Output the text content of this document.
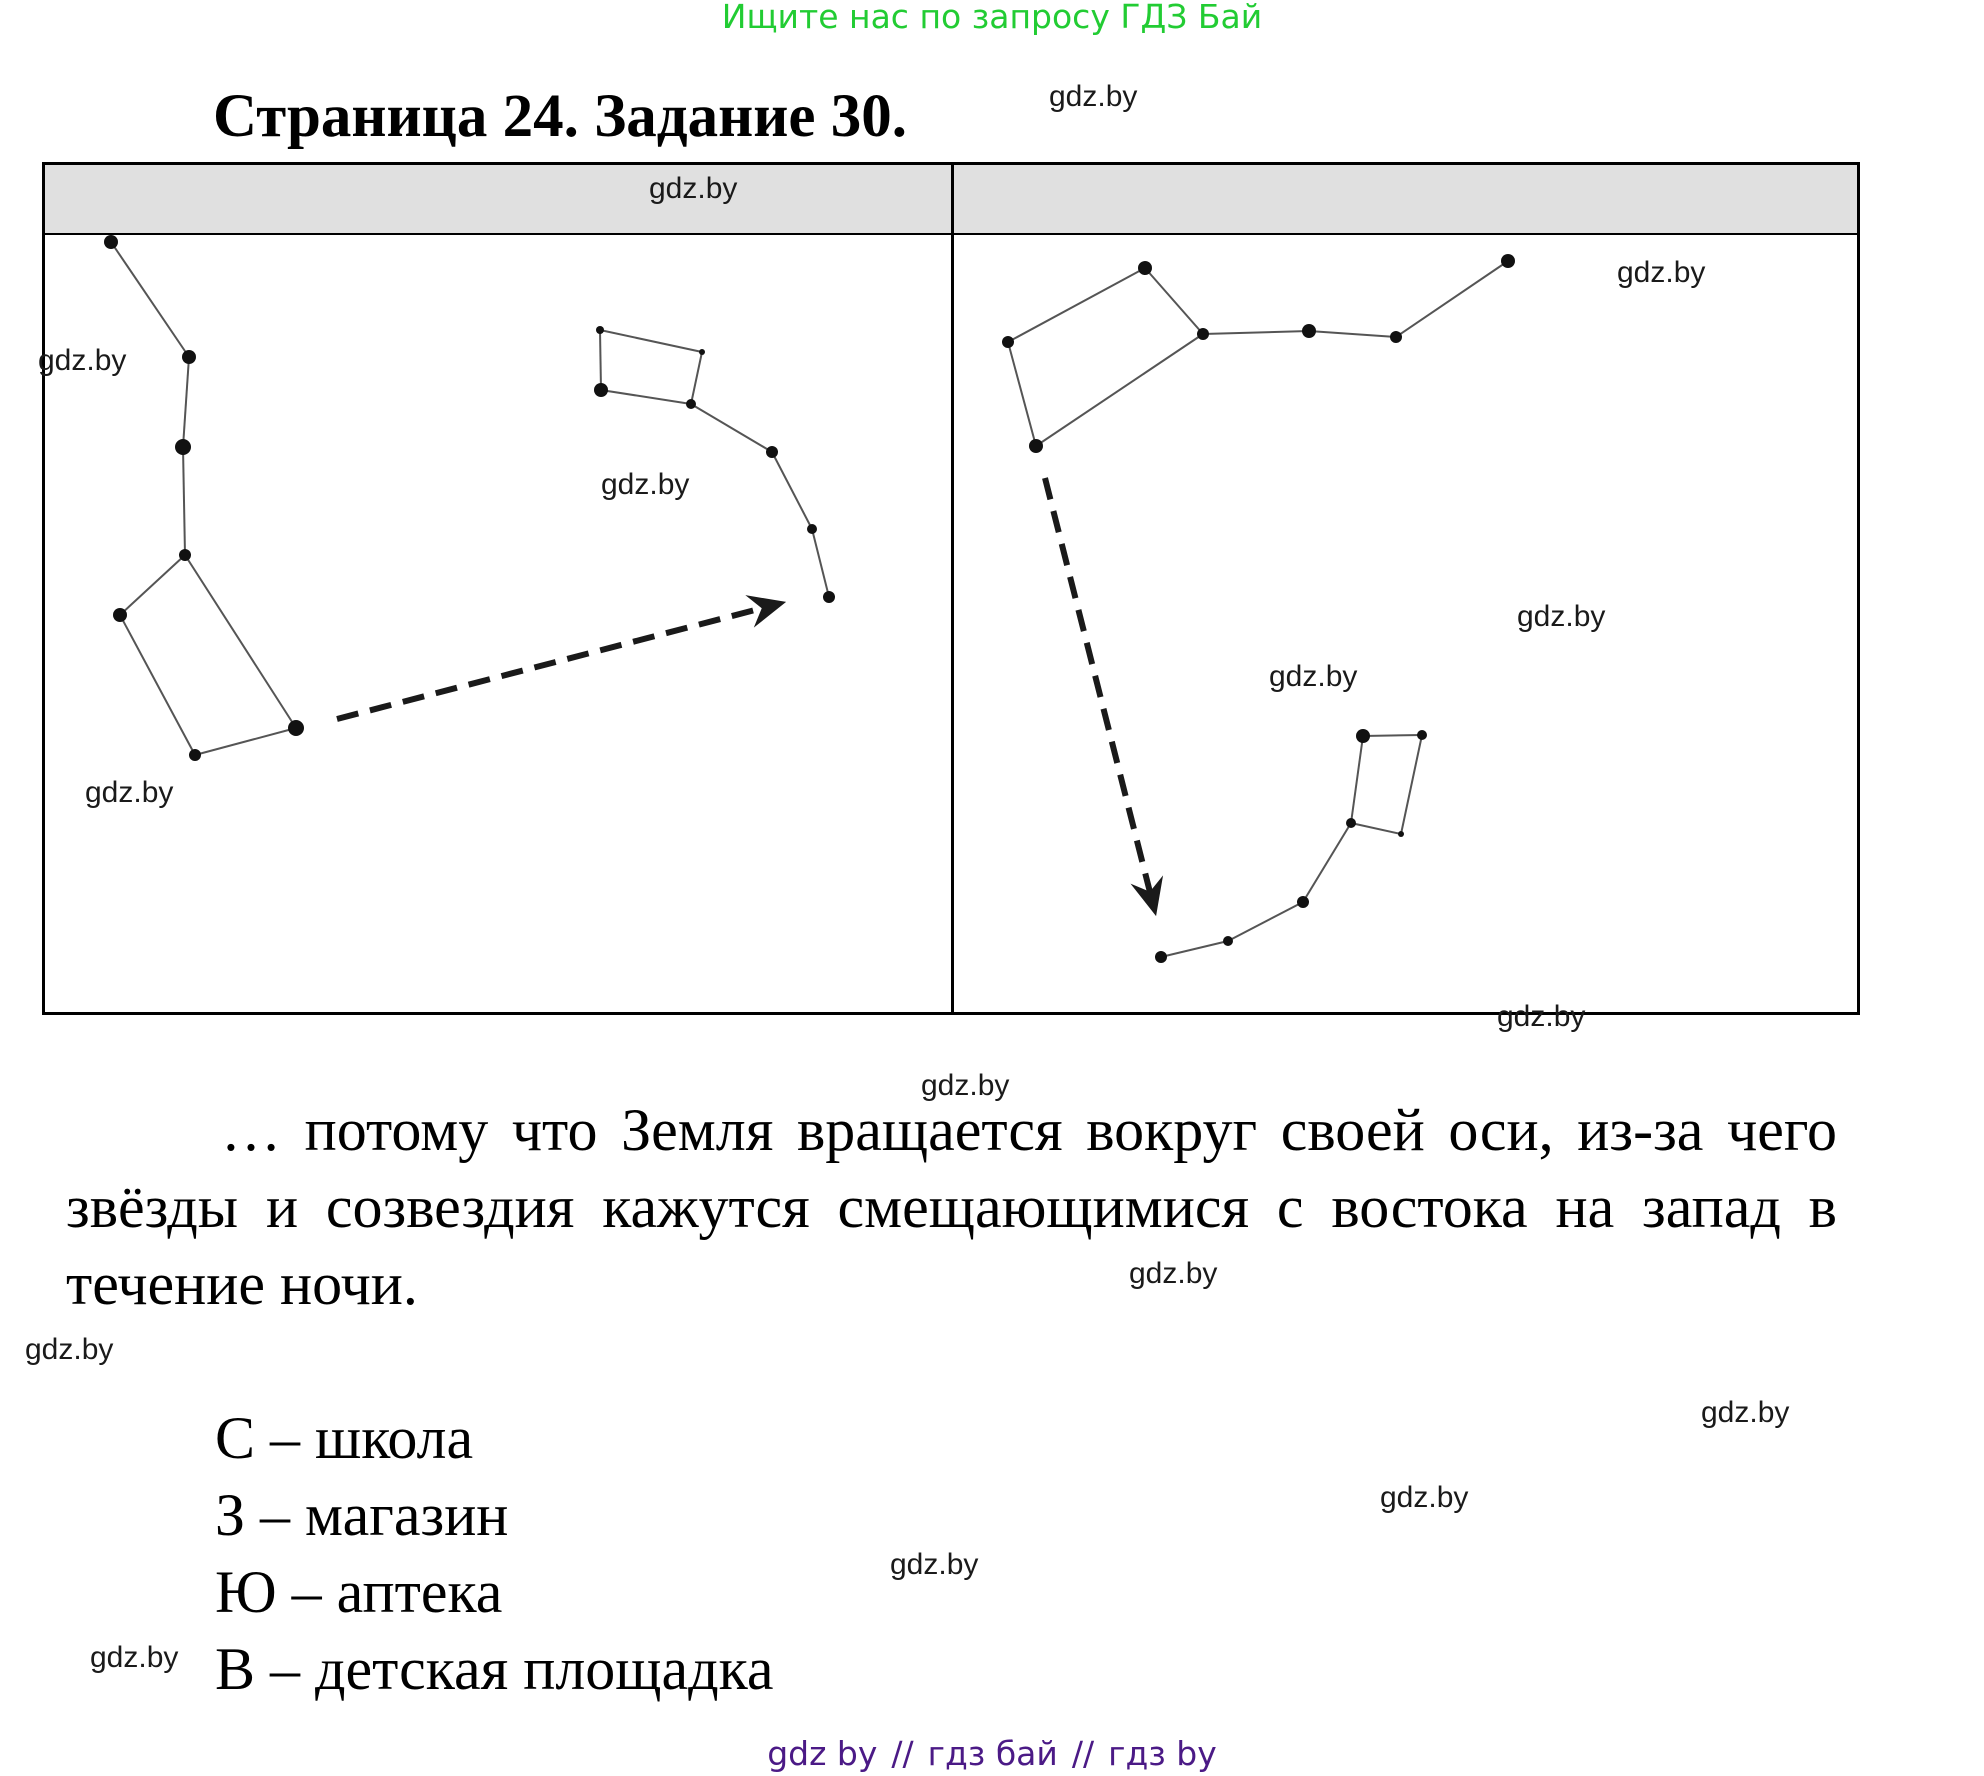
Ищите нас по запросу ГДЗ Бай
Страница 24. Задание 30.	gdz.by
gdz.by
gdz.by
gdz.by
gdz.by
gdz.by
gdz.by
gdz.by
gdz.by
gdz.by
gdz.by
gdz.by
gdz.by
gdz.by
gdz.by
gdz.by
… потому что Земля вращается вокруг своей оси, из-за чего
звёзды и созвездия кажутся смещающимися с востока на запад в
течение ночи.
С – школа
З – магазин
Ю – аптека
В – детская площадка
gdz by // гдз бай // гдз by
